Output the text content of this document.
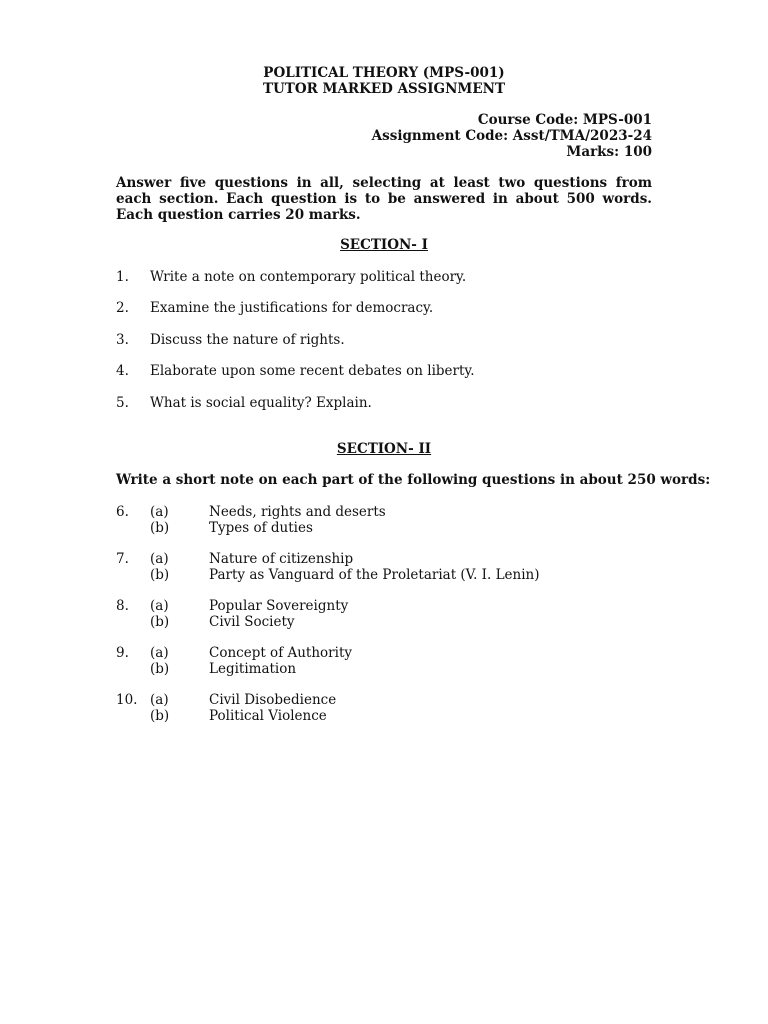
POLITICAL THEORY (MPS-001)
TUTOR MARKED ASSIGNMENT
Course Code: MPS-001
Assignment Code: Asst/TMA/2023-24
Marks: 100
Answer five questions in all, selecting at least two questions from each section. Each question is to be answered in about 500 words. Each question carries 20 marks.
SECTION- I
1. Write a note on contemporary political theory.
2. Examine the justifications for democracy.
3. Discuss the nature of rights.
4. Elaborate upon some recent debates on liberty.
5. What is social equality? Explain.
SECTION- II
Write a short note on each part of the following questions in about 250 words:
6. (a)	Needs, rights and deserts
(b)	Types of duties
7. (a)	Nature of citizenship
(b)	Party as Vanguard of the Proletariat (V. I. Lenin)
8. (a)	Popular Sovereignty
(b)	Civil Society
9. (a)	Concept of Authority
(b)	Legitimation
10. (a)	Civil Disobedience
(b)	Political Violence
